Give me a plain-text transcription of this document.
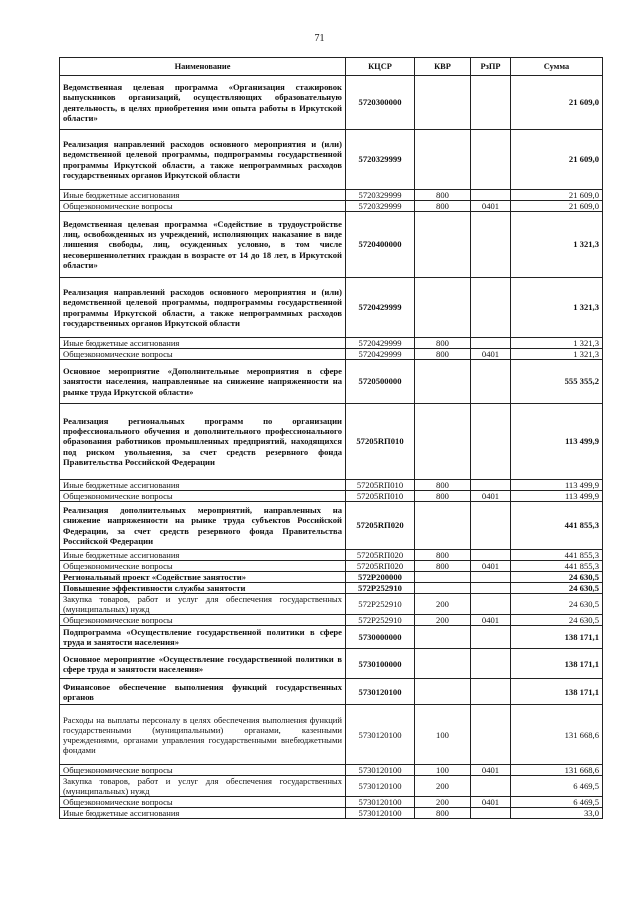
71
Наименование	КЦСР	КВР	РзПР	Сумма
Ведомственная целевая программа «Организация стажировок выпускников организаций, осуществляющих образовательную деятельность, в целях приобретения ими опыта работы в Иркутской области»	5720300000			21 609,0
Реализация направлений расходов основного мероприятия и (или) ведомственной целевой программы, подпрограммы государственной программы Иркутской области, а также непрограммных расходов государственных органов Иркутской области	5720329999			21 609,0
Иные бюджетные ассигнования	5720329999	800		21 609,0
Общеэкономические вопросы	5720329999	800	0401	21 609,0
Ведомственная целевая программа «Содействие в трудоустройстве лиц, освобожденных из учреждений, исполняющих наказание в виде лишения свободы, лиц, осужденных условно, в том числе несовершеннолетних граждан в возрасте от 14 до 18 лет, в Иркутской области»	5720400000			1 321,3
Реализация направлений расходов основного мероприятия и (или) ведомственной целевой программы, подпрограммы государственной программы Иркутской области, а также непрограммных расходов государственных органов Иркутской области	5720429999			1 321,3
Иные бюджетные ассигнования	5720429999	800		1 321,3
Общеэкономические вопросы	5720429999	800	0401	1 321,3
Основное мероприятие «Дополнительные мероприятия в сфере занятости населения, направленные на снижение напряженности на рынке труда Иркутской области»	5720500000			555 355,2
Реализация региональных программ по организации профессионального обучения и дополнительного профессионального образования работников промышленных предприятий, находящихся под риском увольнения, за счет средств резервного фонда Правительства Российской Федерации	57205RП010			113 499,9
Иные бюджетные ассигнования	57205RП010	800		113 499,9
Общеэкономические вопросы	57205RП010	800	0401	113 499,9
Реализация дополнительных мероприятий, направленных на снижение напряженности на рынке труда субъектов Российской Федерации, за счет средств резервного фонда Правительства Российской Федерации	57205RП020			441 855,3
Иные бюджетные ассигнования	57205RП020	800		441 855,3
Общеэкономические вопросы	57205RП020	800	0401	441 855,3
Региональный проект «Содействие занятости»	572P200000			24 630,5
Повышение эффективности службы занятости	572P252910			24 630,5
Закупка товаров, работ и услуг для обеспечения государственных (муниципальных) нужд	572P252910	200		24 630,5
Общеэкономические вопросы	572P252910	200	0401	24 630,5
Подпрограмма «Осуществление государственной политики в сфере труда и занятости населения»	5730000000			138 171,1
Основное мероприятие «Осуществление государственной политики в сфере труда и занятости населения»	5730100000			138 171,1
Финансовое обеспечение выполнения функций государственных органов	5730120100			138 171,1
Расходы на выплаты персоналу в целях обеспечения выполнения функций государственными (муниципальными) органами, казенными учреждениями, органами управления государственными внебюджетными фондами	5730120100	100		131 668,6
Общеэкономические вопросы	5730120100	100	0401	131 668,6
Закупка товаров, работ и услуг для обеспечения государственных (муниципальных) нужд	5730120100	200		6 469,5
Общеэкономические вопросы	5730120100	200	0401	6 469,5
Иные бюджетные ассигнования	5730120100	800		33,0
